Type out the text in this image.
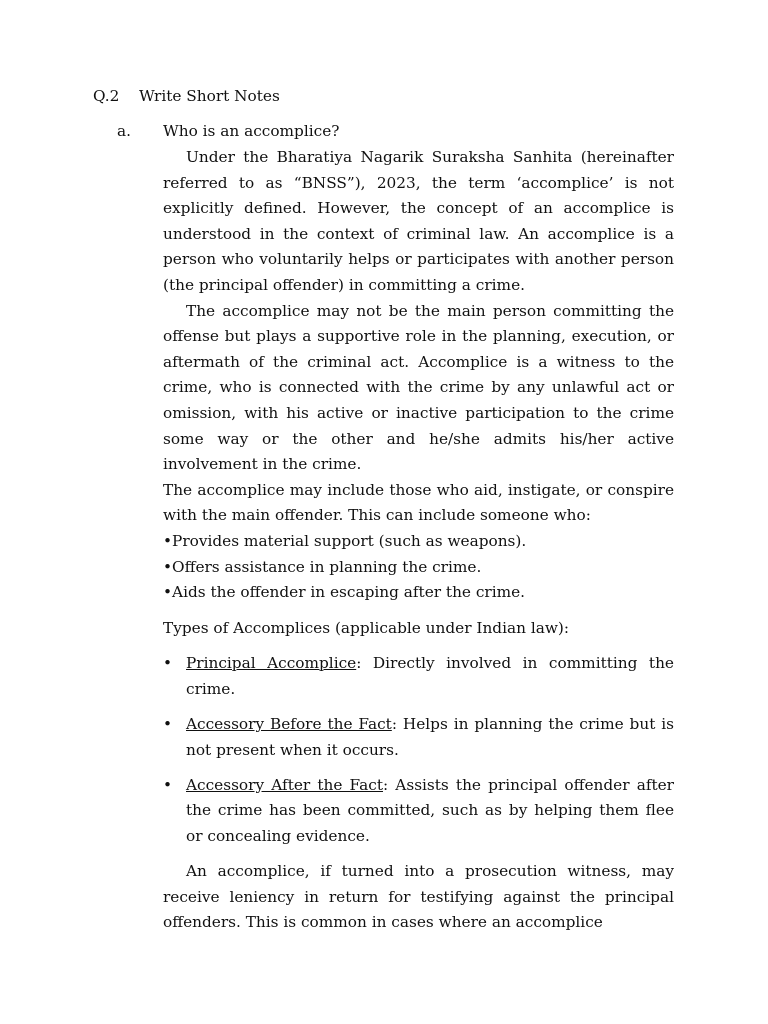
Q.2 Write Short Notes
a. Who is an accomplice?

Under the Bharatiya Nagarik Suraksha Sanhita (hereinafter referred to as “BNSS”), 2023, the term ‘accomplice’ is not explicitly defined. However, the concept of an accomplice is understood in the context of criminal law. An accomplice is a person who voluntarily helps or participates with another person (the principal offender) in committing a crime.

The accomplice may not be the main person committing the offense but plays a supportive role in the planning, execution, or aftermath of the criminal act. Accomplice is a witness to the crime, who is connected with the crime by any unlawful act or omission, with his active or inactive participation to the crime some way or the other and he/she admits his/her active involvement in the crime.

The accomplice may include those who aid, instigate, or conspire with the main offender. This can include someone who:

• Provides material support (such as weapons).
• Offers assistance in planning the crime.
• Aids the offender in escaping after the crime.

Types of Accomplices (applicable under Indian law):

• Principal Accomplice: Directly involved in committing the crime.
• Accessory Before the Fact: Helps in planning the crime but is not present when it occurs.
• Accessory After the Fact: Assists the principal offender after the crime has been committed, such as by helping them flee or concealing evidence.

An accomplice, if turned into a prosecution witness, may receive leniency in return for testifying against the principal offenders. This is common in cases where an accomplice
